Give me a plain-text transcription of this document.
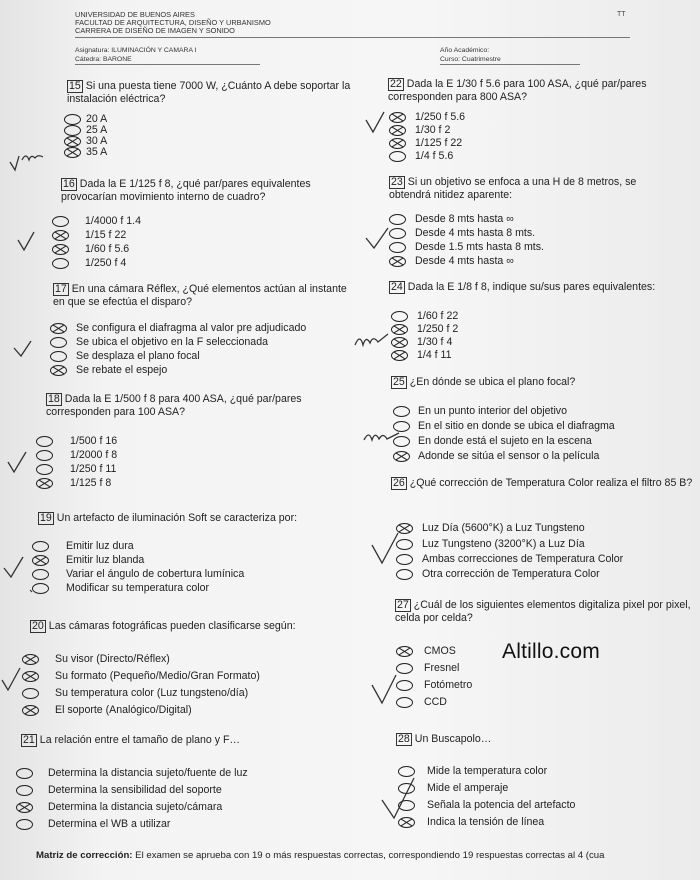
UNIVERSIDAD DE BUENOS AIRES
FACULTAD DE ARQUITECTURA, DISEÑO Y URBANISMO
CARRERA DE DISEÑO DE IMAGEN Y SONIDO
TT
Asignatura: ILUMINACIÓN Y CAMARA I
Cátedra: BARONE
Año Académico:
Curso: Cuatrimestre
15 Si una puesta tiene 7000 W, ¿Cuánto A debe soportar la instalación eléctrica?
20 A
25 A
30 A
35 A
16 Dada la E 1/125 f 8, ¿qué par/pares equivalentes provocarían movimiento interno de cuadro?
1/4000 f 1.4
1/15 f 22
1/60 f 5.6
1/250 f 4
17 En una cámara Réflex, ¿Qué elementos actúan al instante en que se efectúa el disparo?
Se configura el diafragma al valor pre adjudicado
Se ubica el objetivo en la F seleccionada
Se desplaza el plano focal
Se rebate el espejo
18 Dada la E 1/500 f 8 para 400 ASA, ¿qué par/pares corresponden para 100 ASA?
1/500 f 16
1/2000 f 8
1/250 f 11
1/125 f 8
19 Un artefacto de iluminación Soft se caracteriza por:
Emitir luz dura
Emitir luz blanda
Variar el ángulo de cobertura lumínica
Modificar su temperatura color
20 Las cámaras fotográficas pueden clasificarse según:
Su visor (Directo/Réflex)
Su formato (Pequeño/Medio/Gran Formato)
Su temperatura color (Luz tungsteno/día)
El soporte (Analógico/Digital)
21 La relación entre el tamaño de plano y F…
Determina la distancia sujeto/fuente de luz
Determina la sensibilidad del soporte
Determina la distancia sujeto/cámara
Determina el WB a utilizar
22 Dada la E 1/30 f 5.6 para 100 ASA, ¿qué par/pares corresponden para 800 ASA?
1/250 f 5.6
1/30 f 2
1/125 f 22
1/4 f 5.6
23 Si un objetivo se enfoca a una H de 8 metros, se obtendrá nitidez aparente:
Desde 8 mts hasta ∞
Desde 4 mts hasta 8 mts.
Desde 1.5 mts hasta 8 mts.
Desde 4 mts hasta ∞
24 Dada la E 1/8 f 8, indique su/sus pares equivalentes:
1/60 f 22
1/250 f 2
1/30 f 4
1/4 f 11
25 ¿En dónde se ubica el plano focal?
En un punto interior del objetivo
En el sitio en donde se ubica el diafragma
En donde está el sujeto en la escena
Adonde se sitúa el sensor o la película
26 ¿Qué corrección de Temperatura Color realiza el filtro 85 B?
Luz Día (5600°K) a Luz Tungsteno
Luz Tungsteno (3200°K) a Luz Día
Ambas correcciones de Temperatura Color
Otra corrección de Temperatura Color
27 ¿Cuál de los siguientes elementos digitaliza pixel por pixel, celda por celda?
CMOS
Fresnel
Fotómetro
CCD
28 Un Buscapolo…
Mide la temperatura color
Mide el amperaje
Señala la potencia del artefacto
Indica la tensión de línea
Altillo.com
Matriz de corrección: El examen se aprueba con 19 o más respuestas correctas, correspondiendo 19 respuestas correctas al 4 (cua
